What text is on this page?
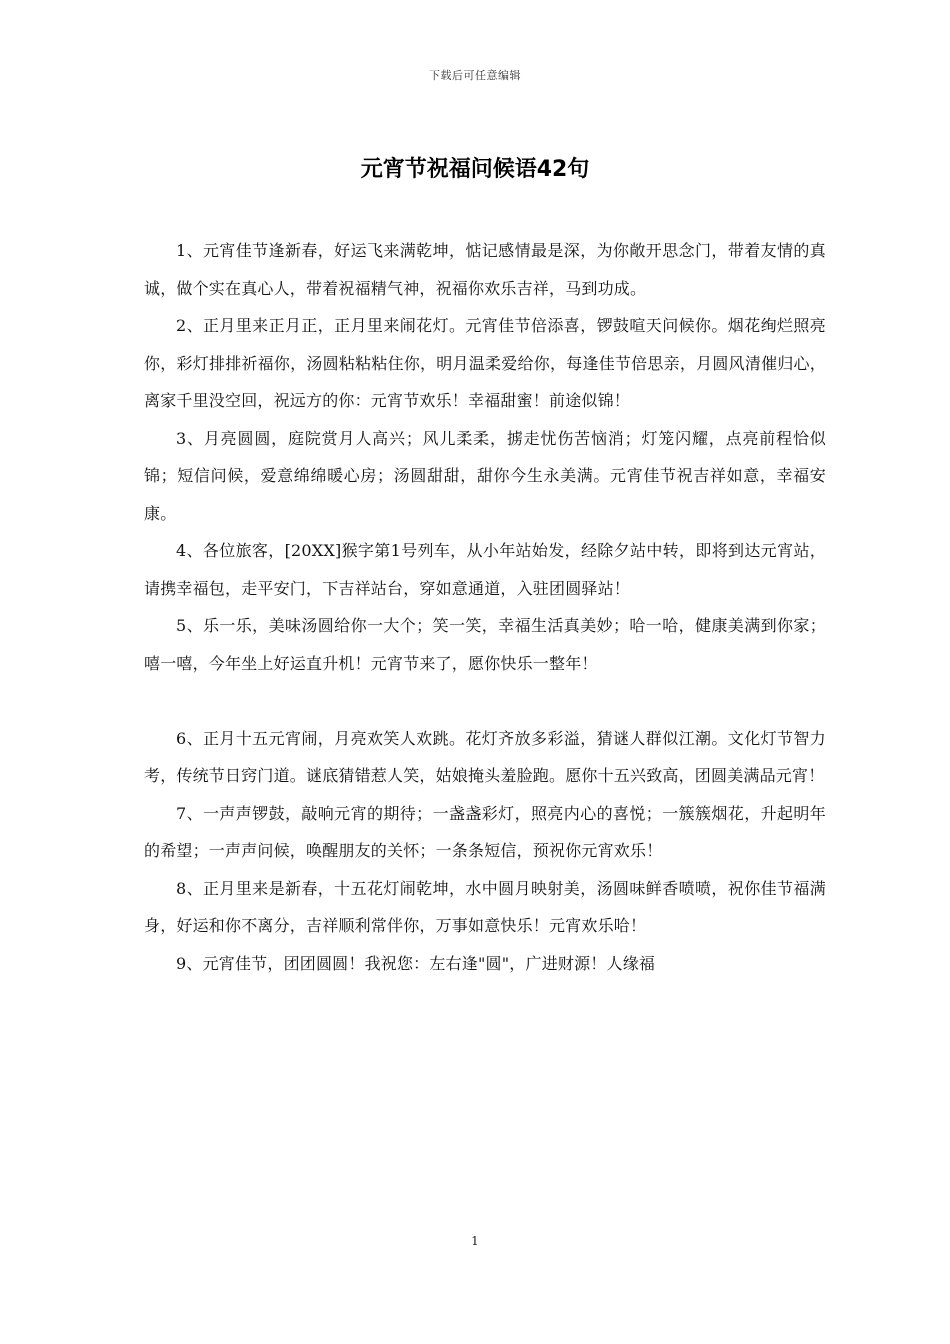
下载后可任意编辑
元宵节祝福问候语42句

1、元宵佳节逢新春，好运飞来满乾坤，惦记感情最是深，为你敞开思念门，带着友情的真诚，做个实在真心人，带着祝福精气神，祝福你欢乐吉祥，马到功成。

2、正月里来正月正，正月里来闹花灯。元宵佳节倍添喜，锣鼓喧天问候你。烟花绚烂照亮你，彩灯排排祈福你，汤圆粘粘粘住你，明月温柔爱给你，每逢佳节倍思亲，月圆风清催归心，离家千里没空回，祝远方的你：元宵节欢乐！幸福甜蜜！前途似锦！

3、月亮圆圆，庭院赏月人高兴；风儿柔柔，掳走忧伤苦恼消；灯笼闪耀，点亮前程恰似锦；短信问候，爱意绵绵暖心房；汤圆甜甜，甜你今生永美满。元宵佳节祝吉祥如意，幸福安康。

4、各位旅客，[20XX]猴字第1号列车，从小年站始发，经除夕站中转，即将到达元宵站，请携幸福包，走平安门，下吉祥站台，穿如意通道，入驻团圆驿站！

5、乐一乐，美味汤圆给你一大个；笑一笑，幸福生活真美妙；哈一哈，健康美满到你家；嘻一嘻，今年坐上好运直升机！元宵节来了，愿你快乐一整年！

6、正月十五元宵闹，月亮欢笑人欢跳。花灯齐放多彩溢，猜谜人群似江潮。文化灯节智力考，传统节日窍门道。谜底猜错惹人笑，姑娘掩头羞脸跑。愿你十五兴致高，团圆美满品元宵！

7、一声声锣鼓，敲响元宵的期待；一盏盏彩灯，照亮内心的喜悦；一簇簇烟花，升起明年的希望；一声声问候，唤醒朋友的关怀；一条条短信，预祝你元宵欢乐！

8、正月里来是新春，十五花灯闹乾坤，水中圆月映射美，汤圆味鲜香喷喷，祝你佳节福满身，好运和你不离分，吉祥顺利常伴你，万事如意快乐！元宵欢乐哈！

9、元宵佳节，团团圆圆！我祝您：左右逢"圆"，广进财源！人缘福

1
